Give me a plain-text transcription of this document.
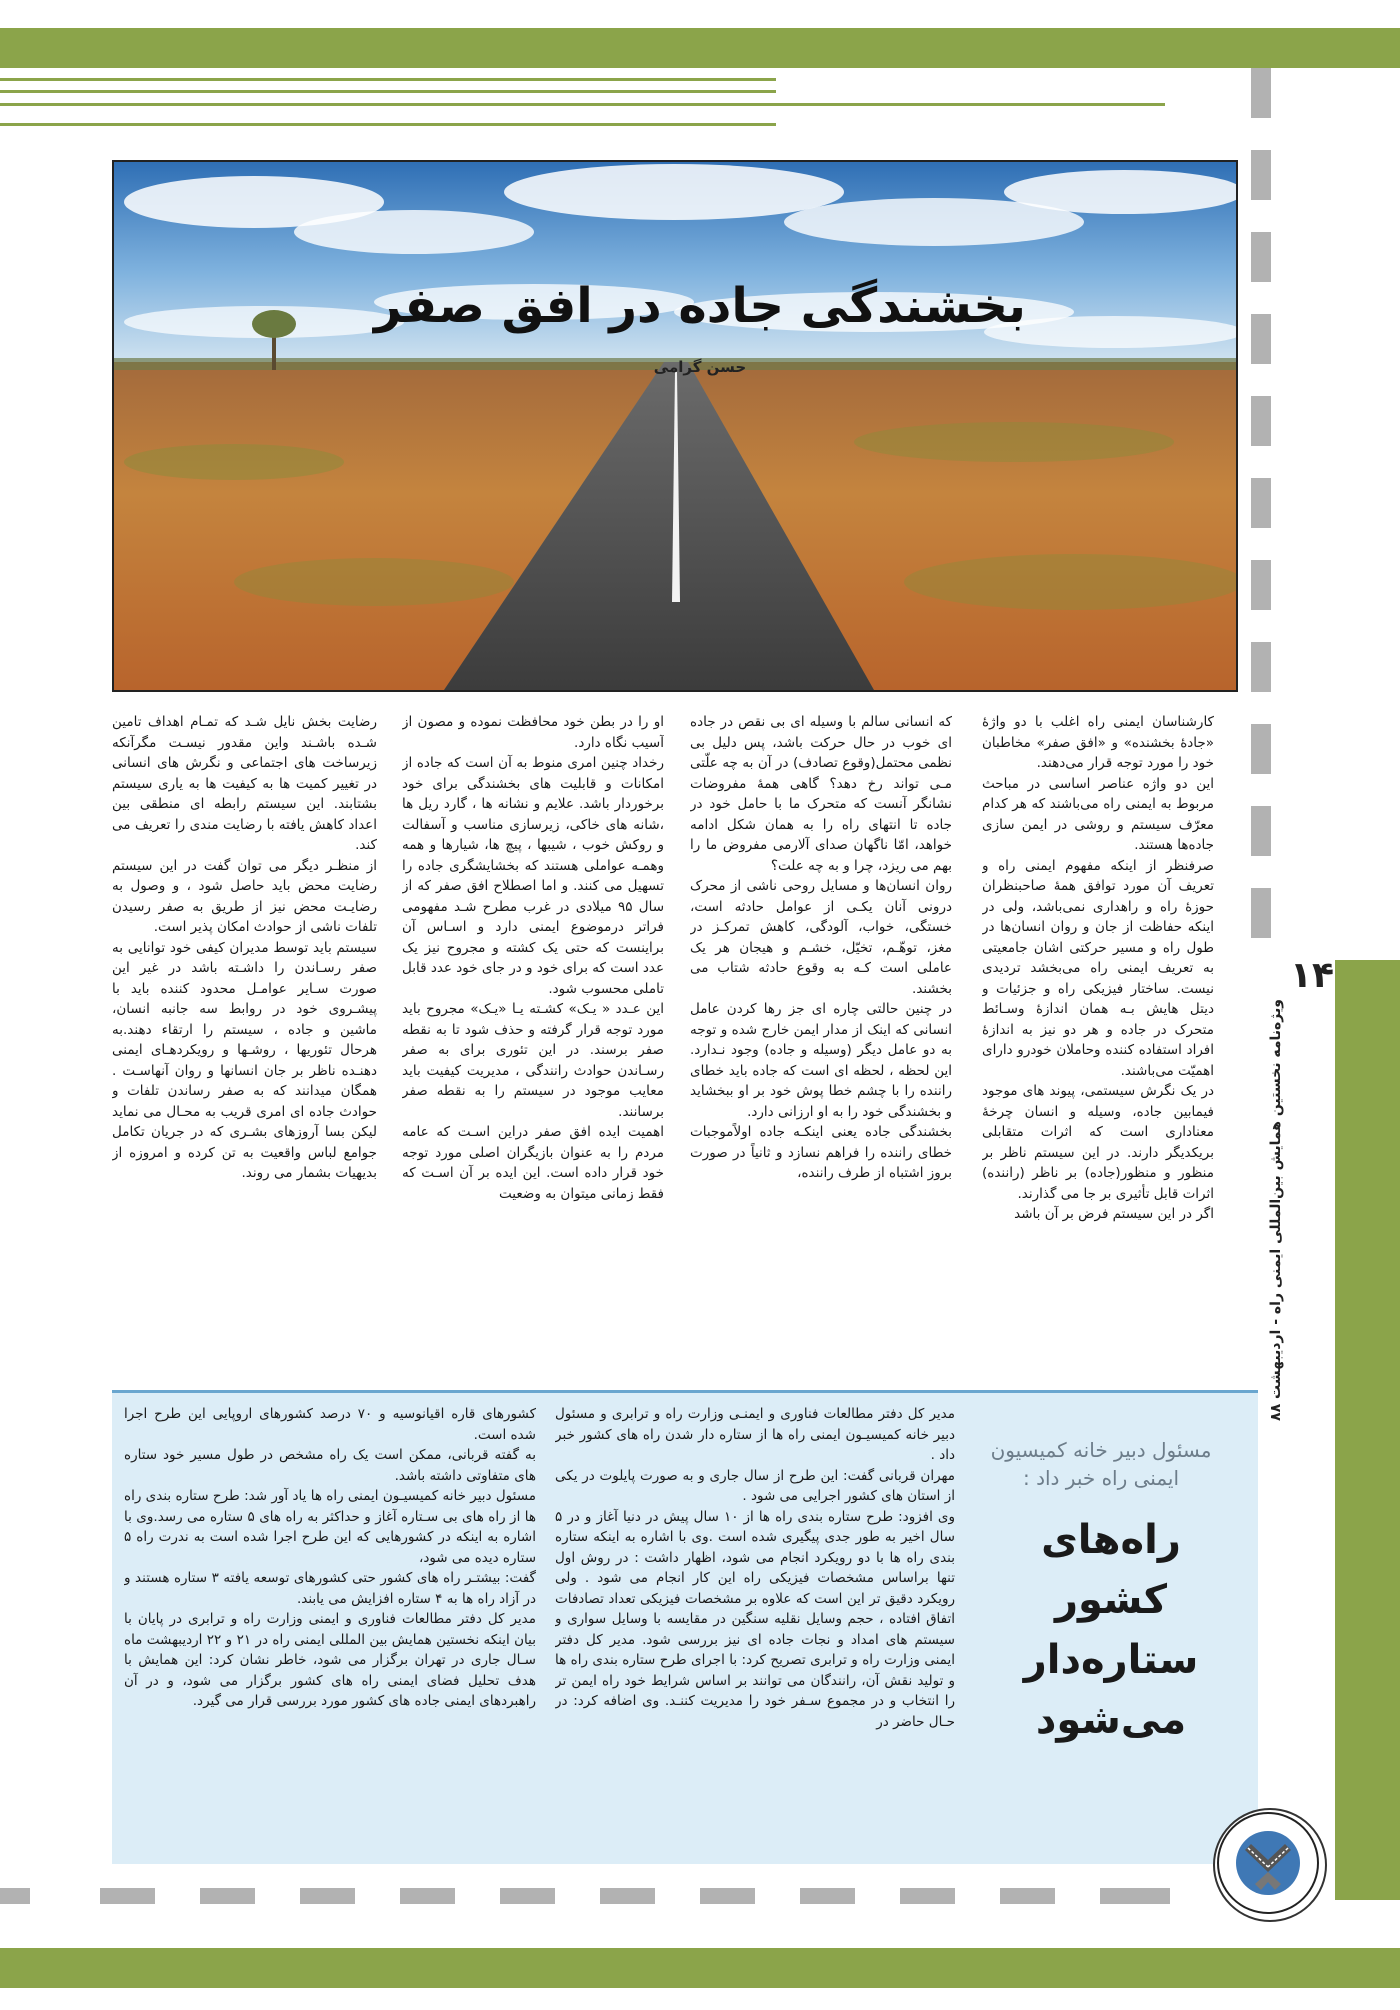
۱۴
ویژه‌نامه نخستین همایش بین‌المللی ایمنی راه - اردیبهشت ۸۸
بخشندگی جاده در افق صفر
حسن گرامی

کارشناسان ایمنی راه اغلب با دو واژهٔ «جادهٔ بخشنده» و «افق صفر» مخاطبان خود را مورد توجه قرار می‌دهند.

این دو واژه عناصر اساسی در مباحث مربوط به ایمنی راه می‌باشند که هر کدام معرّف سیستم و روشی در ایمن سازی جاده‌ها هستند.

صرفنظر از اینکه مفهوم ایمنی راه و تعریف آن مورد توافق همهٔ صاحبنظران حوزهٔ راه و راهداری نمی‌باشد، ولی در اینکه حفاظت از جان و روان انسان‌ها در طول راه و مسیر حرکتی اشان جامعیتی به تعریف ایمنی راه می‌بخشد تردیدی نیست. ساختار فیزیکی راه و جزئیات و دیتل هایش بـه همان اندازهٔ وسـائط متحرک در جاده و هر دو نیز به اندازهٔ افراد استفاده کننده وحاملان خودرو دارای اهمیّت می‌باشند.

در یک نگرش سیستمی، پیوند های موجود فیمابین جاده، وسیله و انسان چرخهٔ معناداری است که اثرات متقابلی بریکدیگر دارند. در این سیستم ناظر بر منظور و منظور(جاده) بر ناظر (راننده) اثرات قابل تأثیری بر جا می گذارند.

اگر در این سیستم فرض بر آن باشد

که انسانی سالم با وسیله ای بی نقص در جاده ای خوب در حال حرکت باشد، پس دلیل بی نظمی محتمل(وقوع تصادف) در آن به چه علّتی مـی تواند رخ دهد؟ گاهی همهٔ مفروضات نشانگر آنست که متحرک ما با حامل خود در جاده تا انتهای راه را به همان شکل ادامه خواهد، امّا ناگهان صدای آلارمی مفروض ما را بهم می ریزد، چرا و به چه علت؟

روان انسان‌ها و مسایل روحی ناشی از محرک درونی آنان یکـی از عوامل حادثه است، خستگی، خواب، آلودگی، کاهش تمرکـز در مغز، توهّـم، تخیّل، خشـم و هیجان هر یک عاملی است کـه به وقوع حادثه شتاب می بخشند.

در چنین حالتی چاره ای جز رها کردن عامل انسانی که اینک از مدار ایمن خارج شده و توجه به دو عامل دیگر (وسیله و جاده) وجود نـدارد. این لحظه ، لحظه ای است که جاده باید خطای راننده را با چشم خطا پوش خود بر او ببخشاید و بخشندگی خود را به او ارزانی دارد.

بخشندگی جاده یعنی اینکـه جاده اولاًموجبات خطای راننده را فراهم نسازد و ثانیاً در صورت بروز اشتباه از طرف راننده،

او را در بطن خود محافظت نموده و مصون از آسیب نگاه دارد.

رخداد چنین امری منوط به آن است که جاده از امکانات و قابلیت های بخشندگی برای خود برخوردار باشد. علایم و نشانه ها ، گارد ریل ها ،شانه های خاکی، زیرسازی مناسب و آسفالت و روکش خوب ، شیبها ، پیچ ها، شیارها و همه وهمـه عواملی هستند که بخشایشگری جاده را تسهیل می کنند. و اما اصطلاح افق صفر که از سال ۹۵ میلادی در غرب مطرح شـد مفهومی فراتر درموضوع ایمنی دارد و اسـاس آن براینست که حتی یک کشته و مجروح نیز یک عدد است که برای خود و در جای خود عدد قابل تاملی محسوب شود.

این عـدد « یـک» کشـته یـا «یـک» مجروح باید مورد توجه قرار گرفته و حذف شود تا به نقطه صفر برسند. در این تئوری برای به صفر رسـاندن حوادث رانندگی ، مدیریت کیفیت باید معایب موجود در سیستم را به نقطه صفر برسانند.

اهمیت ایده افق صفر دراین اسـت که عامه مردم را به عنوان بازیگران اصلی مورد توجه خود قرار داده است. این ایده بر آن اسـت که فقط زمانی میتوان به وضعیت

رضایت بخش نایل شـد که تمـام اهداف تامین شـده باشـند واین مقدور نیسـت مگرآنکه زیرساخت های اجتماعی و نگرش های انسانی در تغییر کمیت ها به کیفیت ها به یاری سیستم بشتابند. این سیستم رابطه ای منطقی بین اعداد کاهش یافته با رضایت مندی را تعریف می کند.

از منظـر دیگر می توان گفت در این سیستم رضایت محض باید حاصل شود ، و وصول به رضایـت محض نیز از طریق به صفر رسیدن تلفات ناشی از حوادث امکان پذیر است.

سیستم باید توسط مدیران کیفی خود توانایی به صفر رسـاندن را داشـته باشد در غیر این صورت سـایر عوامـل محدود کننده باید با پیشـروی خود در روابط سه جانبه انسان، ماشین و جاده ، سیستم را ارتقاء دهند.به هرحال تئوریها ، روشـها و رویکردهـای ایمنی دهنـده ناظر بر جان انسانها و روان آنهاسـت . همگان میدانند که به صفر رساندن تلفات و حوادث جاده ای امری قریب به محـال می نماید لیکن بسا آروزهای بشـری که در جریان تکامل جوامع لباس واقعیت به تن کرده و امروزه از بدیهیات بشمار می روند.

مسئول دبیر خانه کمیسیون ایمنی راه خبر داد :
راه‌های کشور ستاره‌دار می‌شود

مدیر کل دفتر مطالعات فناوری و ایمنـی وزارت راه و ترابری و مسئول دبیر خانه کمیسیـون ایمنی راه ها از ستاره دار شدن راه های کشور خبر داد .

مهران قربانی گفت: این طرح از سال جاری و به صورت پایلوت در یکی از استان های کشور اجرایی می شود .

وی افزود: طرح ستاره بندی راه ها از ۱۰ سال پیش در دنیا آغاز و در ۵ سال اخیر به طور جدی پیگیری شده است .وی با اشاره به اینکه ستاره بندی راه ها با دو رویکرد انجام می شود، اظهار داشت : در روش اول تنها براساس مشخصات فیزیکی راه این کار انجام می شود . ولی رویکرد دقیق تر این است که علاوه بر مشخصات فیزیکی تعداد تصادفات اتفاق افتاده ، حجم وسایل نقلیه سنگین در مقایسه با وسایل سواری و سیستم های امداد و نجات جاده ای نیز بررسی شود. مدیر کل دفتر ایمنی وزارت راه و ترابری تصریح کرد: با اجرای طرح ستاره بندی راه ها و تولید نقش آن، رانندگان می توانند بر اساس شرایط خود راه ایمن تر را انتخاب و در مجموع سـفر خود را مدیریت کننـد. وی اضافه کرد: در حـال حاضر در

کشورهای قاره اقیانوسیه و ۷۰ درصد کشورهای اروپایی این طرح اجرا شده است.

به گفته قربانی، ممکن است یک راه مشخص در طول مسیر خود ستاره های متفاوتی داشته باشد.

مسئول دبیر خانه کمیسیـون ایمنی راه ها یاد آور شد: طرح ستاره بندی راه ها از راه های بی سـتاره آغاز و حداکثر به راه های ۵ ستاره می رسد.وی با اشاره به اینکه در کشورهایی که این طرح اجرا شده است به ندرت راه ۵ ستاره دیده می شود،

گفت: بیشتـر راه های کشور حتی کشورهای توسعه یافته ۳ ستاره هستند و در آزاد راه ها به ۴ ستاره افزایش می یابند.

مدیر کل دفتر مطالعات فناوری و ایمنی وزارت راه و ترابری در پایان با بیان اینکه نخستین همایش بین المللی ایمنی راه در ۲۱ و ۲۲ اردیبهشت ماه سـال جاری در تهران برگزار می شود، خاطر نشان کرد: این همایش با هدف تحلیل فضای ایمنی راه های کشور برگزار می شود، و در آن راهبردهای ایمنی جاده های کشور مورد بررسی قرار می گیرد.
